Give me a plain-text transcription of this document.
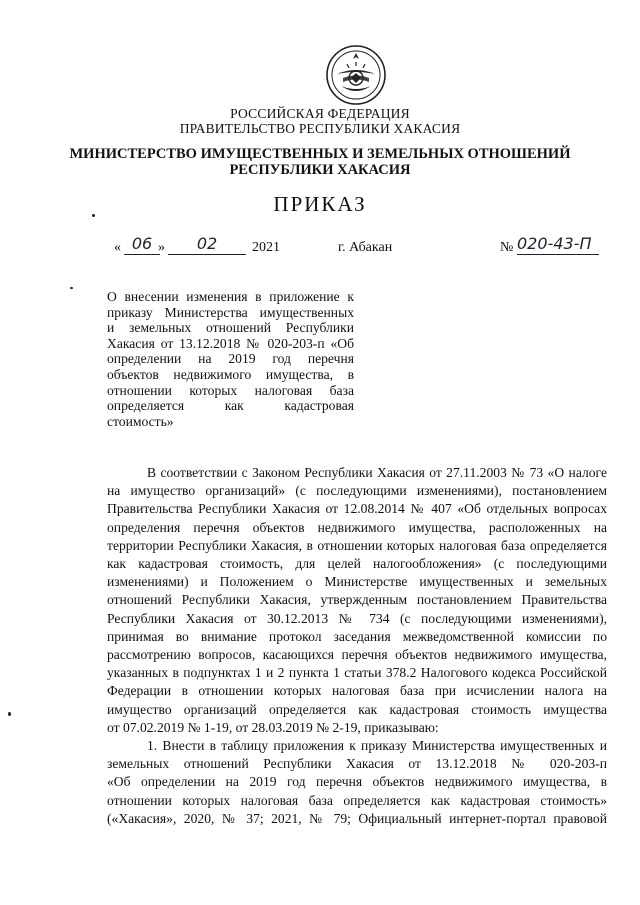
РОССИЙСКАЯ ФЕДЕРАЦИЯ
ПРАВИТЕЛЬСТВО РЕСПУБЛИКИ ХАКАСИЯ
МИНИСТЕРСТВО ИМУЩЕСТВЕННЫХ И ЗЕМЕЛЬНЫХ ОТНОШЕНИЙ
РЕСПУБЛИКИ ХАКАСИЯ
ПРИКАЗ
« 06 »	02	2021	г. Абакан	№ 020-43-П
О внесении изменения в приложение к
приказу Министерства имущественных
и земельных отношений Республики
Хакасия от 13.12.2018 № 020-203-п «Об
определении на 2019 год перечня
объектов недвижимого имущества, в
отношении которых налоговая база
определяется как кадастровая
стоимость»
В соответствии с Законом Республики Хакасия от 27.11.2003 № 73 «О налоге
на имущество организаций» (с последующими изменениями), постановлением
Правительства Республики Хакасия от 12.08.2014 № 407 «Об отдельных вопросах
определения перечня объектов недвижимого имущества, расположенных на
территории Республики Хакасия, в отношении которых налоговая база определяется
как кадастровая стоимость, для целей налогообложения» (с последующими
изменениями) и Положением о Министерстве имущественных и земельных
отношений Республики Хакасия, утвержденным постановлением Правительства
Республики Хакасия от 30.12.2013 № 734 (с последующими изменениями),
принимая во внимание протокол заседания межведомственной комиссии по
рассмотрению вопросов, касающихся перечня объектов недвижимого имущества,
указанных в подпунктах 1 и 2 пункта 1 статьи 378.2 Налогового кодекса Российской
Федерации в отношении которых налоговая база при исчислении налога на
имущество организаций определяется как кадастровая стоимость имущества
от 07.02.2019 № 1-19, от 28.03.2019 № 2-19, приказываю:
1. Внести в таблицу приложения к приказу Министерства имущественных и
земельных отношений Республики Хакасия от 13.12.2018 № 020-203-п
«Об определении на 2019 год перечня объектов недвижимого имущества, в
отношении которых налоговая база определяется как кадастровая стоимость»
(«Хакасия», 2020, № 37; 2021, № 79; Официальный интернет-портал правовой
